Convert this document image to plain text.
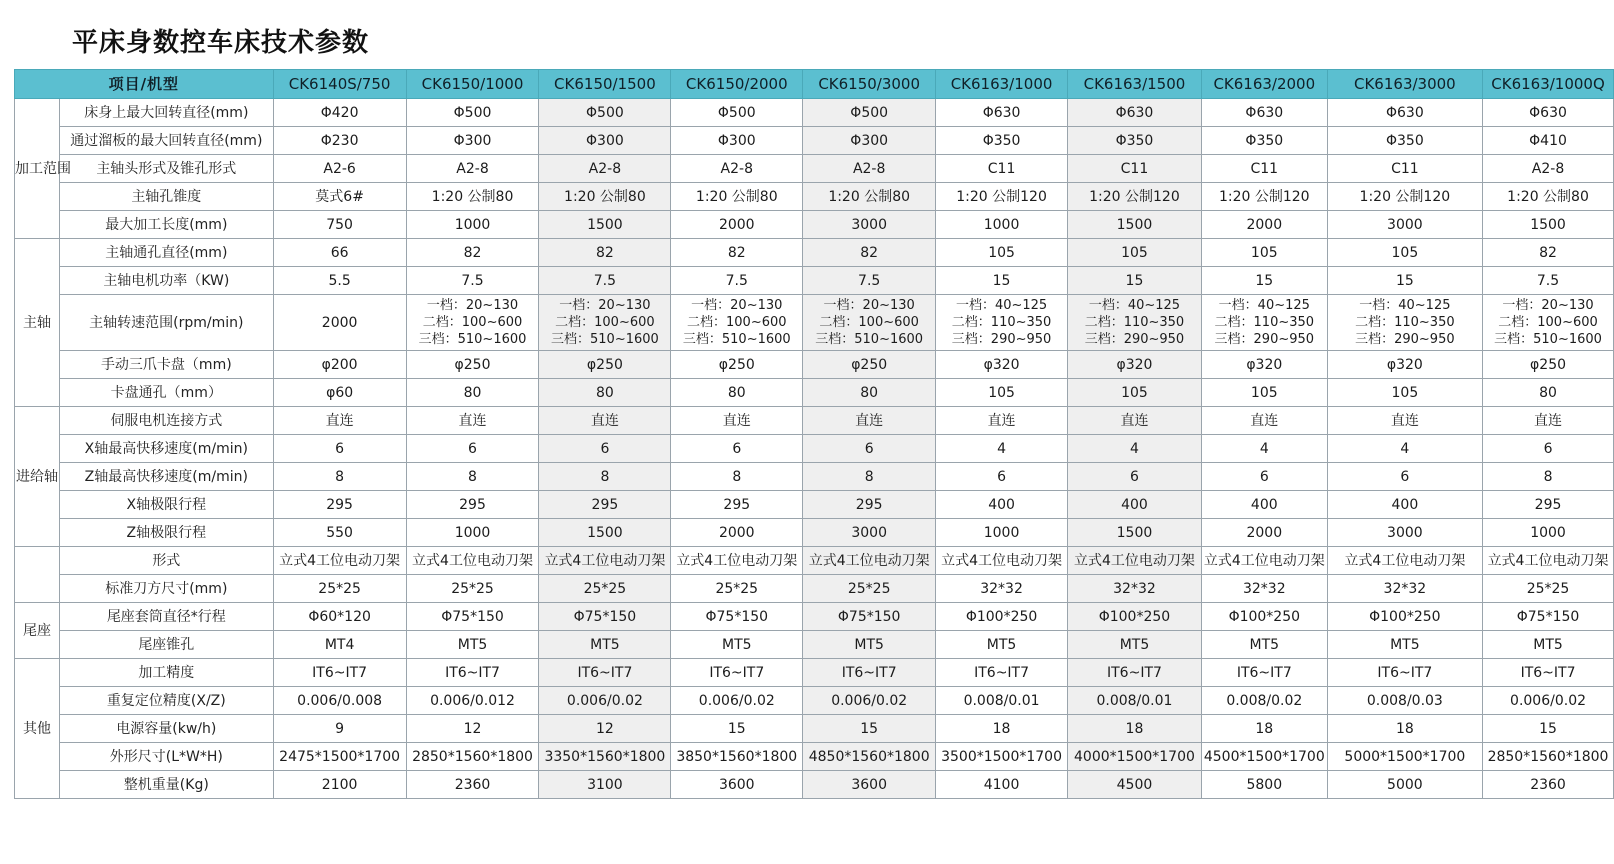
平床身数控车床技术参数
项目/机型		CK6140S/750	CK6150/1000	CK6150/1500	CK6150/2000	CK6150/3000	CK6163/1000	CK6163/1500	CK6163/2000	CK6163/3000	CK6163/1000Q
加工范围	床身上最大回转直径(mm)	Φ420	Φ500	Φ500	Φ500	Φ500	Φ630	Φ630	Φ630	Φ630	Φ630
	通过溜板的最大回转直径(mm)	Φ230	Φ300	Φ300	Φ300	Φ300	Φ350	Φ350	Φ350	Φ350	Φ410
	主轴头形式及锥孔形式	A2-6	A2-8	A2-8	A2-8	A2-8	C11	C11	C11	C11	A2-8
	主轴孔锥度	莫式6#	1:20 公制80	1:20 公制80	1:20 公制80	1:20 公制80	1:20 公制120	1:20 公制120	1:20 公制120	1:20 公制120	1:20 公制80
	最大加工长度(mm)	750	1000	1500	2000	3000	1000	1500	2000	3000	1500
主轴	主轴通孔直径(mm)	66	82	82	82	82	105	105	105	105	82
	主轴电机功率（KW)	5.5	7.5	7.5	7.5	7.5	15	15	15	15	7.5
	主轴转速范围(rpm/min)	2000	一档：20~130
二档：100~600
三档：510~1600	一档：20~130
二档：100~600
三档：510~1600	一档：20~130
二档：100~600
三档：510~1600	一档：20~130
二档：100~600
三档：510~1600	一档：40~125
二档：110~350
三档：290~950	一档：40~125
二档：110~350
三档：290~950	一档：40~125
二档：110~350
三档：290~950	一档：40~125
二档：110~350
三档：290~950	一档：20~130
二档：100~600
三档：510~1600
	手动三爪卡盘（mm)	φ200	φ250	φ250	φ250	φ250	φ320	φ320	φ320	φ320	φ250
	卡盘通孔（mm）	φ60	80	80	80	80	105	105	105	105	80
进给轴	伺服电机连接方式	直连	直连	直连	直连	直连	直连	直连	直连	直连	直连
	X轴最高快移速度(m/min)	6	6	6	6	6	4	4	4	4	6
	Z轴最高快移速度(m/min)	8	8	8	8	8	6	6	6	6	8
	X轴极限行程	295	295	295	295	295	400	400	400	400	295
	Z轴极限行程	550	1000	1500	2000	3000	1000	1500	2000	3000	1000
	形式	立式4工位电动刀架	立式4工位电动刀架	立式4工位电动刀架	立式4工位电动刀架	立式4工位电动刀架	立式4工位电动刀架	立式4工位电动刀架	立式4工位电动刀架	立式4工位电动刀架	立式4工位电动刀架
	标准刀方尺寸(mm)	25*25	25*25	25*25	25*25	25*25	32*32	32*32	32*32	32*32	25*25
尾座	尾座套筒直径*行程	Φ60*120	Φ75*150	Φ75*150	Φ75*150	Φ75*150	Φ100*250	Φ100*250	Φ100*250	Φ100*250	Φ75*150
	尾座锥孔	MT4	MT5	MT5	MT5	MT5	MT5	MT5	MT5	MT5	MT5
其他	加工精度	IT6~IT7	IT6~IT7	IT6~IT7	IT6~IT7	IT6~IT7	IT6~IT7	IT6~IT7	IT6~IT7	IT6~IT7	IT6~IT7
	重复定位精度(X/Z)	0.006/0.008	0.006/0.012	0.006/0.02	0.006/0.02	0.006/0.02	0.008/0.01	0.008/0.01	0.008/0.02	0.008/0.03	0.006/0.02
	电源容量(kw/h)	9	12	12	15	15	18	18	18	18	15
	外形尺寸(L*W*H)	2475*1500*1700	2850*1560*1800	3350*1560*1800	3850*1560*1800	4850*1560*1800	3500*1500*1700	4000*1500*1700	4500*1500*1700	5000*1500*1700	2850*1560*1800
	整机重量(Kg)	2100	2360	3100	3600	3600	4100	4500	5800	5000	2360
